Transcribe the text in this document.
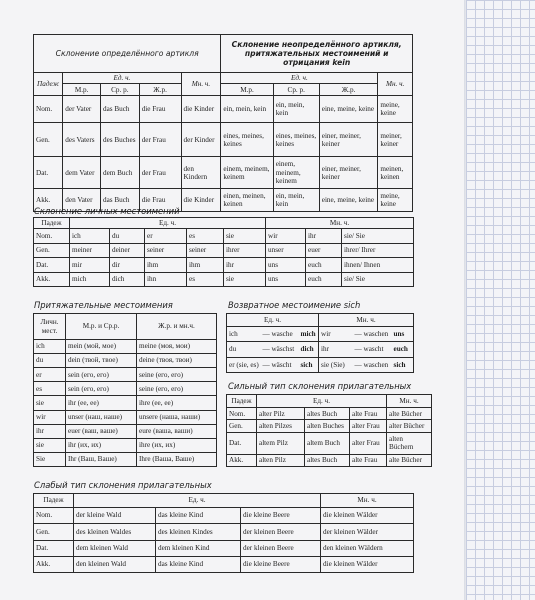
Склонение определённого артикля					Склонение неопределённого артикля, притяжательных местоимений и отрицания kein			
Падеж	Ед. ч.			Мн. ч.	Ед. ч.			Мн. ч.
	М.р.	Ср. р.	Ж.р.		М.р.	Ср. р.	Ж.р.	
Nom.	der Vater	das Buch	die Frau	die Kinder	ein, mein, kein	ein, mein, kein	eine, meine, keine	meine, keine
Gen.	des Vaters	des Buches	der Frau	der Kinder	eines, meines, keines	eines, meines, keines	einer, meiner, keiner	meiner, keiner
Dat.	dem Vater	dem Buch	der Frau	den Kindern	einem, meinem, keinem	einem, meinem, keinem	einer, meiner, keiner	meinen, keinen
Akk.	den Vater	das Buch	die Frau	die Kinder	einen, meinen, keinen	ein, mein, kein	eine, meine, keine	meine, keine
Склонение личных местоимений
Падеж	Ед. ч.					Мн. ч.		

Nom.	ich	du	er	es	sie	wir	ihr	sie/ Sie
Gen.	meiner	deiner	seiner	seiner	ihrer	unser	euer	ihrer/ Ihrer
Dat.	mir	dir	ihm	ihm	ihr	uns	euch	ihnen/ Ihnen
Akk.	mich	dich	ihn	es	sie	uns	euch	sie/ Sie
Притяжательные местоимения
Личн. мест.	М.р. и Ср.р.	Ж.р. и мн.ч.
ich	mein (мой, мое)	meine (моя, мои)
du	dein (твой, твое)	deine (твоя, твои)
er	sein (его, его)	seine (его, его)
es	sein (его, его)	seine (его, его)
sie	ihr (ее, ее)	ihre (ее, ее)
wir	unser (наш, наше)	unsere (наша, наши)
ihr	euer (ваш, ваше)	eure (ваша, ваши)
sie	ihr (их, их)	ihre (их, их)
Sie	Ihr (Ваш, Ваше)	Ihre (Ваша, Ваше)
Возвратное местоимение sich
Ед. ч.			Мн. ч.		
ich	— wasche	mich	wir	— waschen	uns
du	— wäschst	dich	ihr	— wascht	euch
er (sie, es)	— wäscht	sich	sie (Sie)	— waschen	sich
Сильный тип склонения прилагательных
Падеж	Ед. ч.			Мн. ч.
Nom.	alter Pilz	altes Buch	alte Frau	alte Bücher
Gen.	alten Pilzes	alten Buches	alter Frau	alter Bücher
Dat.	altem Pilz	altem Buch	alter Frau	alten Büchern
Akk.	alten Pilz	altes Buch	alte Frau	alte Bücher
Слабый тип склонения прилагательных
Падеж	Ед. ч.			Мн. ч.
Nom.	der kleine Wald	das kleine Kind	die kleine Beere	die kleinen Wälder
Gen.	des kleinen Waldes	des kleinen Kindes	der kleinen Beere	der kleinen Wälder
Dat.	dem kleinen Wald	dem kleinen Kind	der kleinen Beere	den kleinen Wäldern
Akk.	den kleinen Wald	das kleine Kind	die kleine Beere	die kleinen Wälder
